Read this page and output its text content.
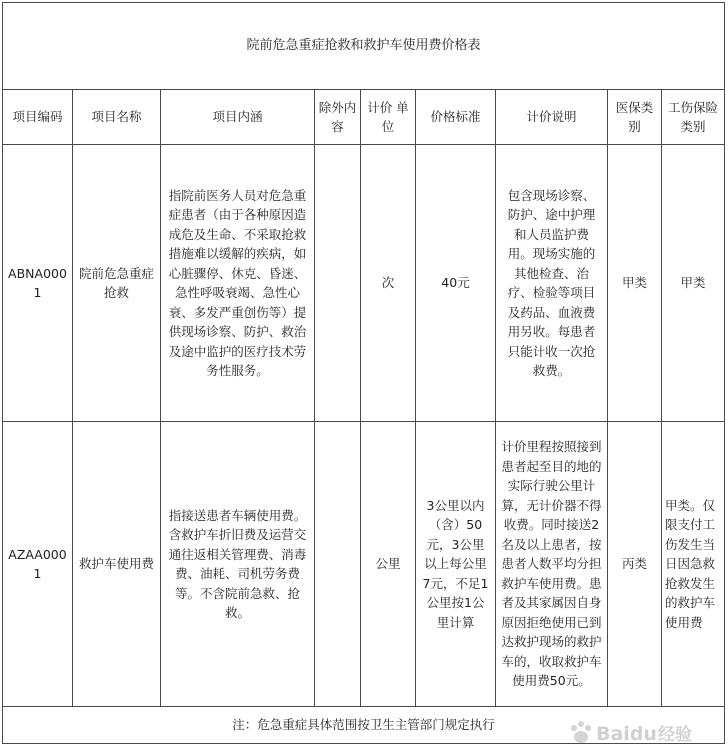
院前危急重症抢救和救护车使用费价格表								
项目编码	项目名称	项目内涵	除外内容	计价 单位	价格标准	计价说明	医保类别	工伤保险类别
ABNA0001	院前危急重症抢救	指院前医务人员对危急重症患者（由于各种原因造成危及生命、不采取抢救措施难以缓解的疾病，如心脏骤停、休克、昏迷、急性呼吸衰竭、急性心衰、多发严重创伤等）提供现场诊察、防护、救治及途中监护的医疗技术劳务性服务。		次	40元	包含现场诊察、防护、途中护理和人员监护费用。现场实施的其他检查、治疗、检验等项目及药品、血液费用另收。每患者只能计收一次抢救费。	甲类	甲类
AZAA0001	救护车使用费	指接送患者车辆使用费。含救护车折旧费及运营交通往返相关管理费、消毒费、油耗、司机劳务费等。不含院前急救、抢救。		公里	3公里以内（含）50元，3公里以上每公里7元，不足1公里按1公里计算	计价里程按照接到患者起至目的地的实际行驶公里计算，无计价器不得收费。同时接送2名及以上患者，按患者人数平均分担救护车使用费。患者及其家属因自身原因拒绝使用已到达救护现场的救护车的，收取救护车使用费50元。	丙类	甲类。仅限支付工伤发生当日因急救抢救发生的救护车使用费
注：危急重症具体范围按卫生主管部门规定执行									Baidu 经验
